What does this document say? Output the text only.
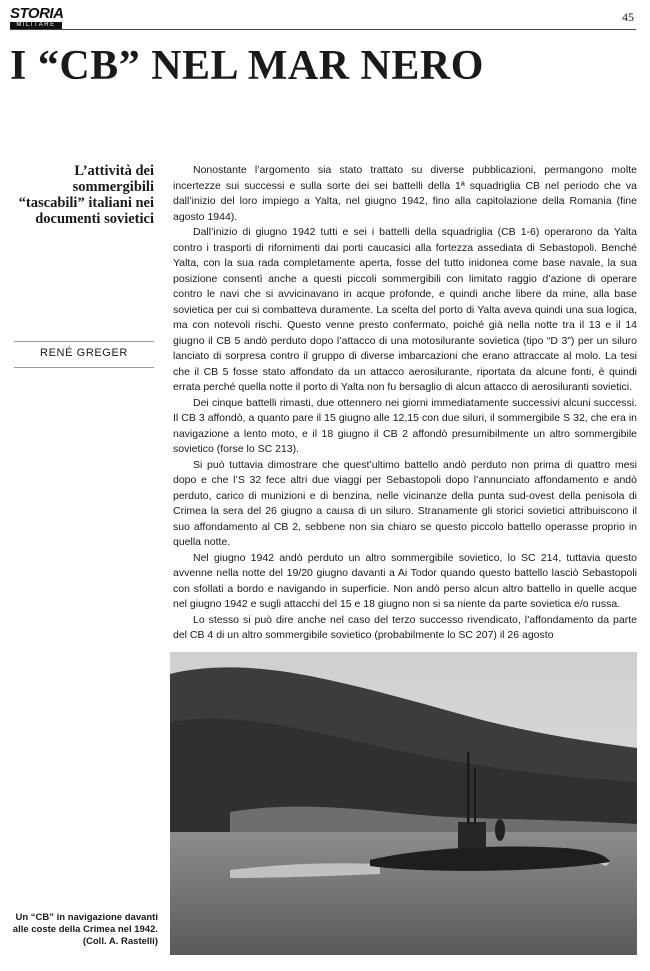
STORIA
MILITARE
45
I “CB” NEL MAR NERO
L’attività dei sommergibili “tascabili” italiani nei documenti sovietici
RENÉ GREGER

Nonostante l’argomento sia stato trattato su diverse pubblicazioni, permangono molte incertezze sui successi e sulla sorte dei sei battelli della 1ª squadriglia CB nel periodo che va dall’inizio del loro impiego a Yalta, nel giugno 1942, fino alla capitolazione della Romania (fine agosto 1944).

Dall’inizio di giugno 1942 tutti e sei i battelli della squadriglia (CB 1-6) operarono da Yalta contro i trasporti di rifornimenti dai porti caucasici alla fortezza assediata di Sebastopoli. Benché Yalta, con la sua rada completamente aperta, fosse del tutto inidonea come base navale, la sua posizione consentì anche a questi piccoli sommergibili con limitato raggio d’azione di operare contro le navi che si avvicinavano in acque profonde, e quindi anche libere da mine, alla base sovietica per cui si combatteva duramente. La scelta del porto di Yalta aveva quindi una sua logica, ma con notevoli rischi. Questo venne presto confermato, poiché già nella notte tra il 13 e il 14 giugno il CB 5 andò perduto dopo l’attacco di una motosilurante sovietica (tipo “D 3”) per un siluro lanciato di sorpresa contro il gruppo di diverse imbarcazioni che erano attraccate al molo. La tesi che il CB 5 fosse stato affondato da un attacco aerosilurante, riportata da alcune fonti, è quindi errata perché quella notte il porto di Yalta non fu bersaglio di alcun attacco di aerosiluranti sovietici.

Dei cinque battelli rimasti, due ottennero nei giorni immediatamente successivi alcuni successi. Il CB 3 affondò, a quanto pare il 15 giugno alle 12,15 con due siluri, il sommergibile S 32, che era in navigazione a lento moto, e il 18 giugno il CB 2 affondò presumibilmente un altro sommergibile sovietico (forse lo SC 213).

Si può tuttavia dimostrare che quest’ultimo battello andò perduto non prima di quattro mesi dopo e che l’S 32 fece altri due viaggi per Sebastopoli dopo l’annunciato affondamento e andò perduto, carico di munizioni e di benzina, nelle vicinanze della punta sud-ovest della penisola di Crimea la sera del 26 giugno a causa di un siluro. Stranamente gli storici sovietici attribuiscono il suo affondamento al CB 2, sebbene non sia chiaro se questo piccolo battello operasse proprio in quella notte.

Nel giugno 1942 andò perduto un altro sommergibile sovietico, lo SC 214, tuttavia questo avvenne nella notte del 19/20 giugno davanti a Ai Todor quando questo battello lasciò Sebastopoli con sfollati a bordo e navigando in superficie. Non andò perso alcun altro battello in quelle acque nel giugno 1942 e sugli attacchi del 15 e 18 giugno non si sa niente da parte sovietica e/o russa.

Lo stesso si può dire anche nel caso del terzo successo rivendicato, l’affondamento da parte del CB 4 di un altro sommergibile sovietico (probabilmente lo SC 207) il 26 agosto

Un “CB” in navigazione davanti alle coste della Crimea nel 1942.
(Coll. A. Rastelli)
